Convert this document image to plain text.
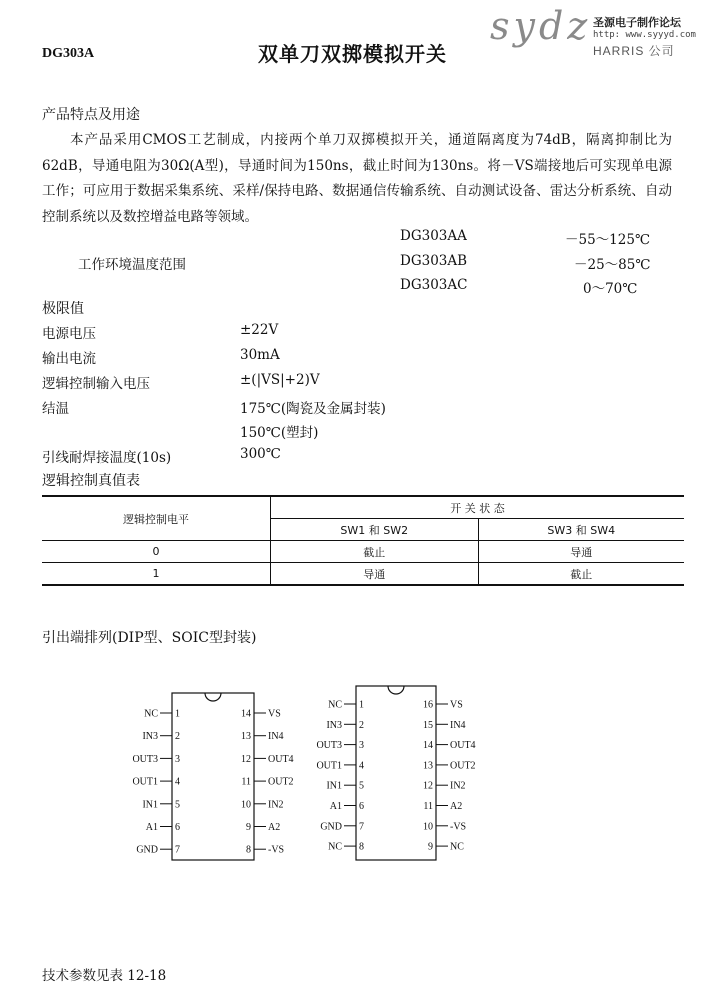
DG303A	双单刀双掷模拟开关
sydz 圣源电子制作论坛
http: www.syyyd.com
HARRIS 公司
产品特点及用途
本产品采用CMOS工艺制成，内接两个单刀双掷模拟开关，通道隔离度为74dB，隔离抑制比为62dB，导通电阻为30Ω(A型)，导通时间为150ns，截止时间为130ns。将－VS端接地后可实现单电源工作；可应用于数据采集系统、采样/保持电路、数据通信传输系统、自动测试设备、雷达分析系统、自动控制系统以及数控增益电路等领域。
工作环境温度范围
DG303AA	－55～125℃
DG303AB	－25～85℃
DG303AC	0～70℃
极限值
电源电压	±22V
输出电流	30mA
逻辑控制输入电压	±(|VS|+2)V
结温	175℃(陶瓷及金属封装)
150℃(塑封)
引线耐焊接温度(10s)	300℃
逻辑控制真值表
逻辑控制电平	开 关 状 态	
	SW1 和 SW2	SW3 和 SW4
0	截止	导通
1	导通	截止
引出端排列(DIP型、SOIC型封装)
NC 1
IN3 2
OUT3 3
OUT1 4
IN1 5
A1 6
GND 7
14 VS
13 IN4
12 OUT4
11 OUT2
10 IN2
9 A2
8 -VS
NC 1
IN3 2
OUT3 3
OUT1 4
IN1 5
A1 6
GND 7
NC 8
16 VS
15 IN4
14 OUT4
13 OUT2
12 IN2
11 A2
10 -VS
9 NC
技术参数见表 12-18
